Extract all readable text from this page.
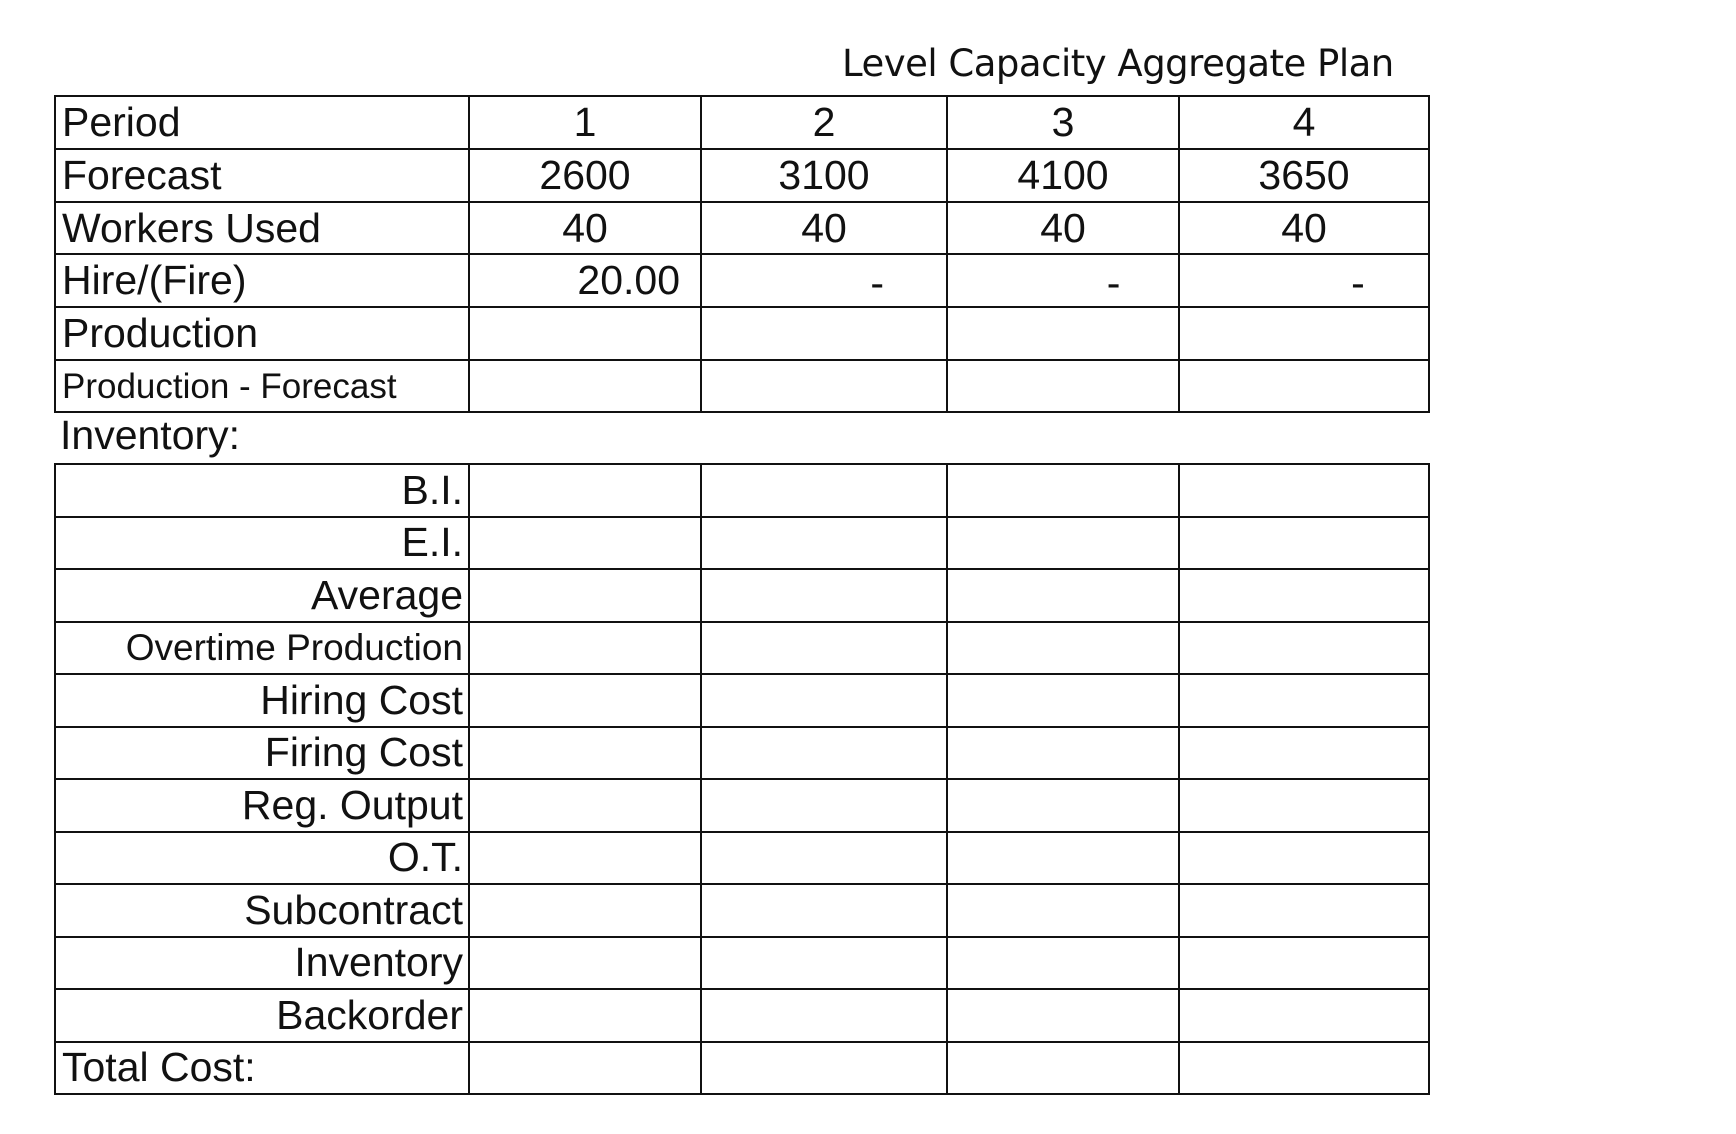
Level Capacity Aggregate Plan
Period	1	2	3	4
Forecast	2600	3100	4100	3650
Workers Used	40	40	40	40
Hire/(Fire)	20.00	-	-	-

Production				
Production - Forecast				
Inventory:
B.I.				
E.I.				
Average				
Overtime Production				
Hiring Cost				
Firing Cost				
Reg. Output				
O.T.				
Subcontract				
Inventory				
Backorder				
Total Cost:				
